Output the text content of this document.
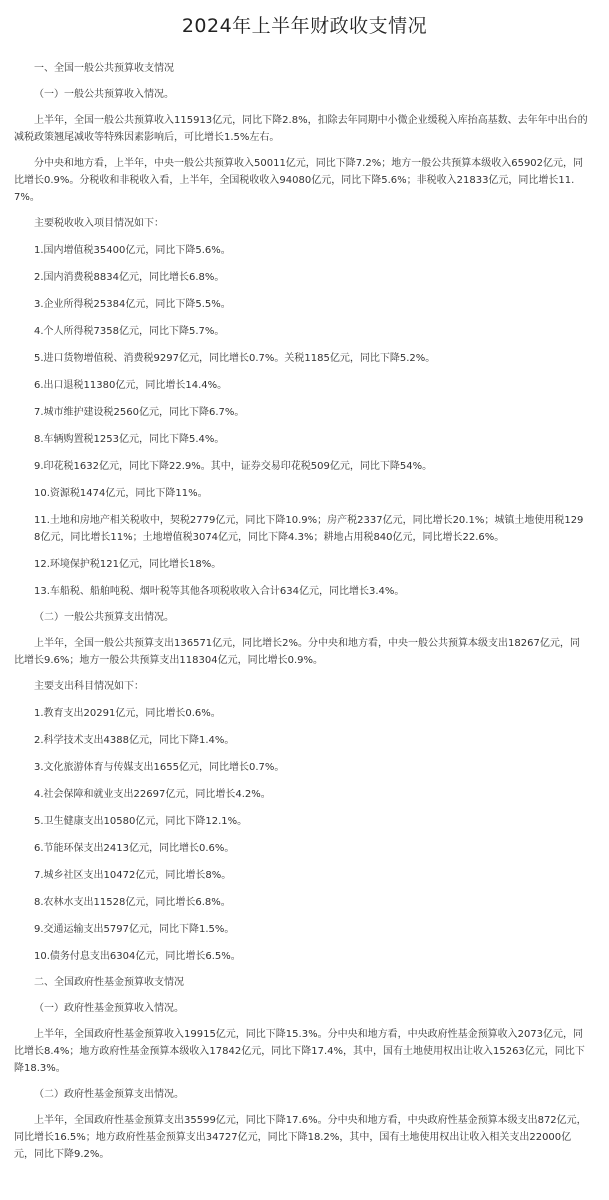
2024年上半年财政收支情况

一、全国一般公共预算收支情况

（一）一般公共预算收入情况。

上半年，全国一般公共预算收入115913亿元，同比下降2.8%，扣除去年同期中小微企业缓税入库抬高基数、去年年中出台的减税政策翘尾减收等特殊因素影响后，可比增长1.5%左右。

分中央和地方看，上半年，中央一般公共预算收入50011亿元，同比下降7.2%；地方一般公共预算本级收入65902亿元，同比增长0.9%。分税收和非税收入看，上半年，全国税收收入94080亿元，同比下降5.6%；非税收入21833亿元，同比增长11.7%。

主要税收收入项目情况如下：

1.国内增值税35400亿元，同比下降5.6%。

2.国内消费税8834亿元，同比增长6.8%。

3.企业所得税25384亿元，同比下降5.5%。

4.个人所得税7358亿元，同比下降5.7%。

5.进口货物增值税、消费税9297亿元，同比增长0.7%。关税1185亿元，同比下降5.2%。

6.出口退税11380亿元，同比增长14.4%。

7.城市维护建设税2560亿元，同比下降6.7%。

8.车辆购置税1253亿元，同比下降5.4%。

9.印花税1632亿元，同比下降22.9%。其中，证券交易印花税509亿元，同比下降54%。

10.资源税1474亿元，同比下降11%。

11.土地和房地产相关税收中，契税2779亿元，同比下降10.9%；房产税2337亿元，同比增长20.1%；城镇土地使用税1298亿元，同比增长11%；土地增值税3074亿元，同比下降4.3%；耕地占用税840亿元，同比增长22.6%。

12.环境保护税121亿元，同比增长18%。

13.车船税、船舶吨税、烟叶税等其他各项税收收入合计634亿元，同比增长3.4%。

（二）一般公共预算支出情况。

上半年，全国一般公共预算支出136571亿元，同比增长2%。分中央和地方看，中央一般公共预算本级支出18267亿元，同比增长9.6%；地方一般公共预算支出118304亿元，同比增长0.9%。

主要支出科目情况如下：

1.教育支出20291亿元，同比增长0.6%。

2.科学技术支出4388亿元，同比下降1.4%。

3.文化旅游体育与传媒支出1655亿元，同比增长0.7%。

4.社会保障和就业支出22697亿元，同比增长4.2%。

5.卫生健康支出10580亿元，同比下降12.1%。

6.节能环保支出2413亿元，同比增长0.6%。

7.城乡社区支出10472亿元，同比增长8%。

8.农林水支出11528亿元，同比增长6.8%。

9.交通运输支出5797亿元，同比下降1.5%。

10.债务付息支出6304亿元，同比增长6.5%。

二、全国政府性基金预算收支情况

（一）政府性基金预算收入情况。

上半年，全国政府性基金预算收入19915亿元，同比下降15.3%。分中央和地方看，中央政府性基金预算收入2073亿元，同比增长8.4%；地方政府性基金预算本级收入17842亿元，同比下降17.4%，其中，国有土地使用权出让收入15263亿元，同比下降18.3%。

（二）政府性基金预算支出情况。

上半年，全国政府性基金预算支出35599亿元，同比下降17.6%。分中央和地方看，中央政府性基金预算本级支出872亿元，同比增长16.5%；地方政府性基金预算支出34727亿元，同比下降18.2%，其中，国有土地使用权出让收入相关支出22000亿元，同比下降9.2%。
